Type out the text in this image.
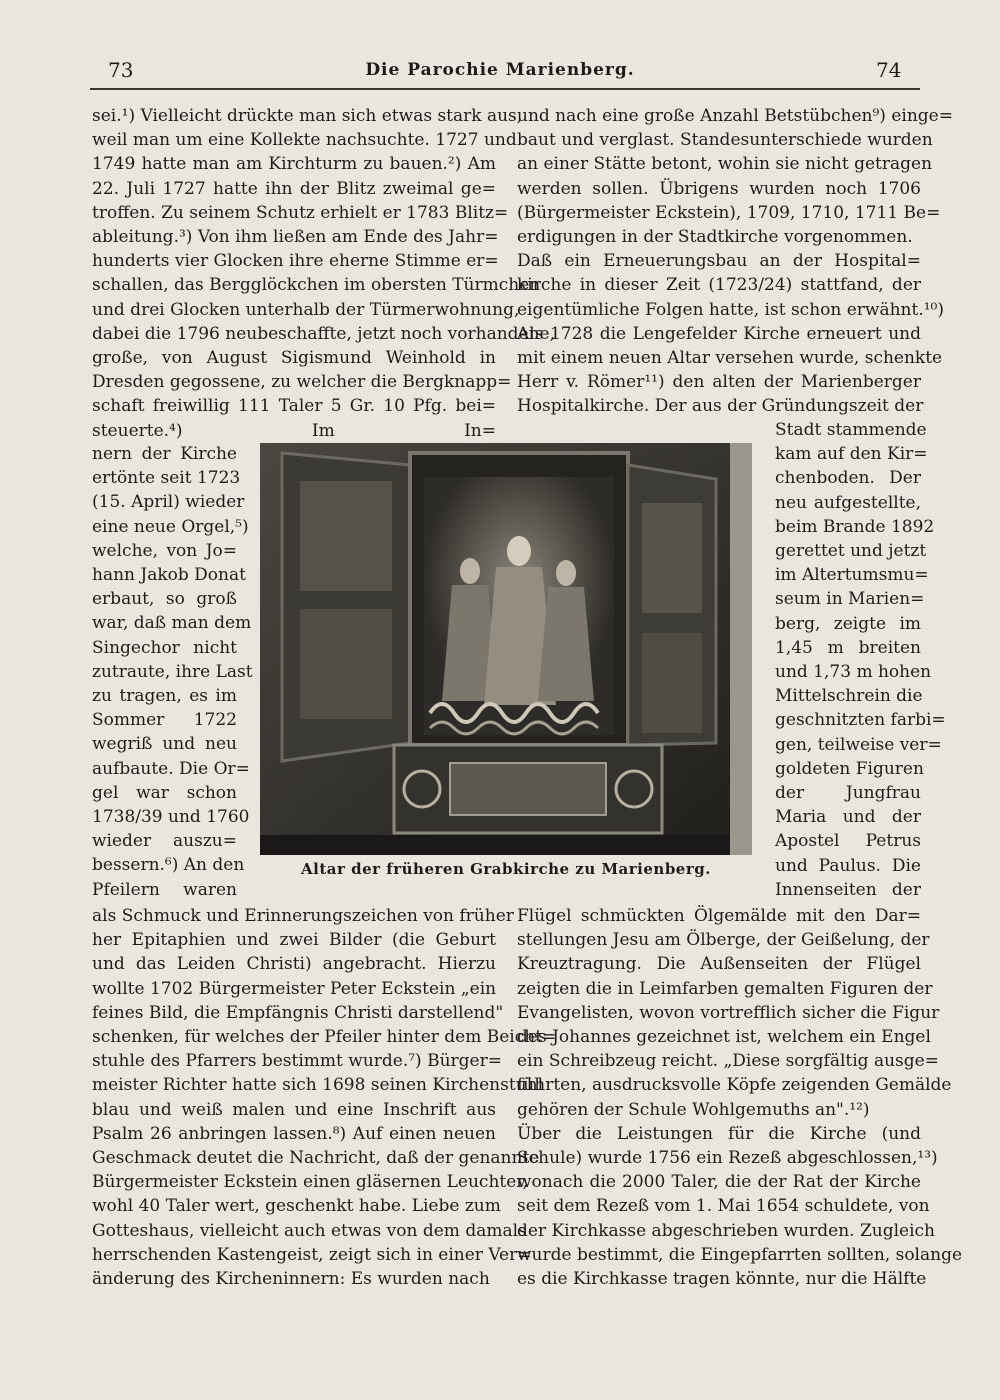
73	Die Parochie Marienberg.	74
sei.¹) Vielleicht drückte man sich etwas stark aus,
weil man um eine Kollekte nachsuchte. 1727 und
1749 hatte man am Kirchturm zu bauen.²) Am
22. Juli 1727 hatte ihn der Blitz zweimal ge=
troffen. Zu seinem Schutz erhielt er 1783 Blitz=
ableitung.³) Von ihm ließen am Ende des Jahr=
hunderts vier Glocken ihre eherne Stimme er=
schallen, das Bergglöckchen im obersten Türmchen
und drei Glocken unterhalb der Türmerwohnung,
dabei die 1796 neubeschaffte, jetzt noch vorhandene,
große, von August Sigismund Weinhold in
Dresden gegossene, zu welcher die Bergknapp=
schaft freiwillig 111 Taler 5 Gr. 10 Pfg. bei=
steuerte.⁴) Im In=
nern der Kirche
ertönte seit 1723
(15. April) wieder
eine neue Orgel,⁵)
welche, von Jo=
hann Jakob Donat
erbaut, so groß
war, daß man dem
Singechor nicht
zutraute, ihre Last
zu tragen, es im
Sommer 1722
wegriß und neu
aufbaute. Die Or=
gel war schon
1738/39 und 1760
wieder auszu=
bessern.⁶) An den
Pfeilern waren
als Schmuck und Erinnerungszeichen von früher
her Epitaphien und zwei Bilder (die Geburt
und das Leiden Christi) angebracht. Hierzu
wollte 1702 Bürgermeister Peter Eckstein „ein
feines Bild, die Empfängnis Christi darstellend"
schenken, für welches der Pfeiler hinter dem Beicht=
stuhle des Pfarrers bestimmt wurde.⁷) Bürger=
meister Richter hatte sich 1698 seinen Kirchenstuhl
blau und weiß malen und eine Inschrift aus
Psalm 26 anbringen lassen.⁸) Auf einen neuen
Geschmack deutet die Nachricht, daß der genannte
Bürgermeister Eckstein einen gläsernen Leuchter,
wohl 40 Taler wert, geschenkt habe. Liebe zum
Gotteshaus, vielleicht auch etwas von dem damals
herrschenden Kastengeist, zeigt sich in einer Ver=
änderung des Kircheninnern: Es wurden nach
und nach eine große Anzahl Betstübchen⁹) einge=
baut und verglast. Standesunterschiede wurden
an einer Stätte betont, wohin sie nicht getragen
werden sollen. Übrigens wurden noch 1706
(Bürgermeister Eckstein), 1709, 1710, 1711 Be=
erdigungen in der Stadtkirche vorgenommen.
Daß ein Erneuerungsbau an der Hospital=
kirche in dieser Zeit (1723/24) stattfand, der
eigentümliche Folgen hatte, ist schon erwähnt.¹⁰)
Als 1728 die Lengefelder Kirche erneuert und
mit einem neuen Altar versehen wurde, schenkte
Herr v. Römer¹¹) den alten der Marienberger
Hospitalkirche. Der aus der Gründungszeit der
Stadt stammende
kam auf den Kir=
chenboden. Der
neu aufgestellte,
beim Brande 1892
gerettet und jetzt
im Altertumsmu=
seum in Marien=
berg, zeigte im
1,45 m breiten
und 1,73 m hohen
Mittelschrein die
geschnitzten farbi=
gen, teilweise ver=
goldeten Figuren
der Jungfrau
Maria und der
Apostel Petrus
und Paulus. Die
Innenseiten der
Flügel schmückten Ölgemälde mit den Dar=
stellungen Jesu am Ölberge, der Geißelung, der
Kreuztragung. Die Außenseiten der Flügel
zeigten die in Leimfarben gemalten Figuren der
Evangelisten, wovon vortrefflich sicher die Figur
des Johannes gezeichnet ist, welchem ein Engel
ein Schreibzeug reicht. „Diese sorgfältig ausge=
führten, ausdrucksvolle Köpfe zeigenden Gemälde
gehören der Schule Wohlgemuths an".¹²)
Über die Leistungen für die Kirche (und
Schule) wurde 1756 ein Rezeß abgeschlossen,¹³)
wonach die 2000 Taler, die der Rat der Kirche
seit dem Rezeß vom 1. Mai 1654 schuldete, von
der Kirchkasse abgeschrieben wurden. Zugleich
wurde bestimmt, die Eingepfarrten sollten, solange
es die Kirchkasse tragen könnte, nur die Hälfte
Altar der früheren Grabkirche zu Marienberg.
